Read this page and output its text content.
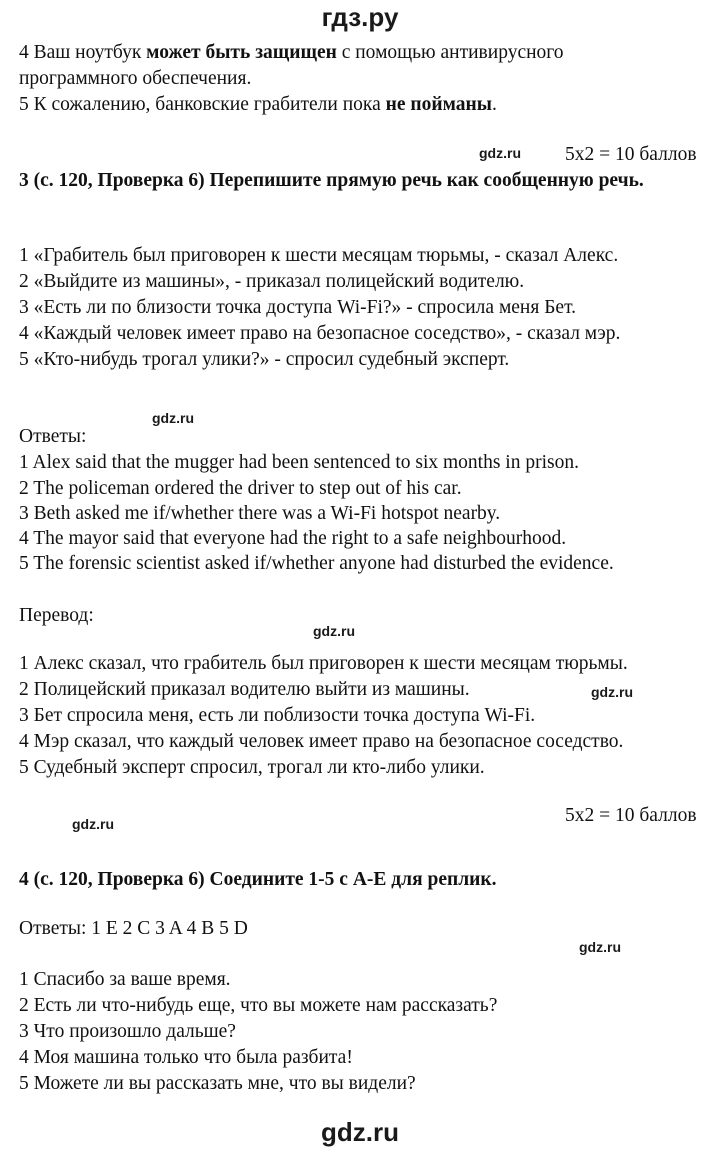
гдз.ру
4 Ваш ноутбук может быть защищен с помощью антивирусного
программного обеспечения.
5 К сожалению, банковские грабители пока не пойманы.
gdz.ru 5x2 = 10 баллов
3 (с. 120, Проверка 6) Перепишите прямую речь как сообщенную речь.
1 «Грабитель был приговорен к шести месяцам тюрьмы, - сказал Алекс.
2 «Выйдите из машины», - приказал полицейский водителю.
3 «Есть ли по близости точка доступа Wi-Fi?» - спросила меня Бет.
4 «Каждый человек имеет право на безопасное соседство», - сказал мэр.
5 «Кто-нибудь трогал улики?» - спросил судебный эксперт.
gdz.ru
Ответы:
1 Alex said that the mugger had been sentenced to six months in prison.
2 The policeman ordered the driver to step out of his car.
3 Beth asked me if/whether there was a Wi-Fi hotspot nearby.
4 The mayor said that everyone had the right to a safe neighbourhood.
5 The forensic scientist asked if/whether anyone had disturbed the evidence.
Перевод:
gdz.ru
1 Алекс сказал, что грабитель был приговорен к шести месяцам тюрьмы.
2 Полицейский приказал водителю выйти из машины.	gdz.ru
3 Бет спросила меня, есть ли поблизости точка доступа Wi-Fi.
4 Мэр сказал, что каждый человек имеет право на безопасное соседство.
5 Судебный эксперт спросил, трогал ли кто-либо улики.
5x2 = 10 баллов
gdz.ru
4 (с. 120, Проверка 6) Соедините 1-5 с A-E для реплик.
Ответы: 1 E 2 C 3 A 4 B 5 D
gdz.ru
1 Спасибо за ваше время.
2 Есть ли что-нибудь еще, что вы можете нам рассказать?
3 Что произошло дальше?
4 Моя машина только что была разбита!
5 Можете ли вы рассказать мне, что вы видели?
gdz.ru
